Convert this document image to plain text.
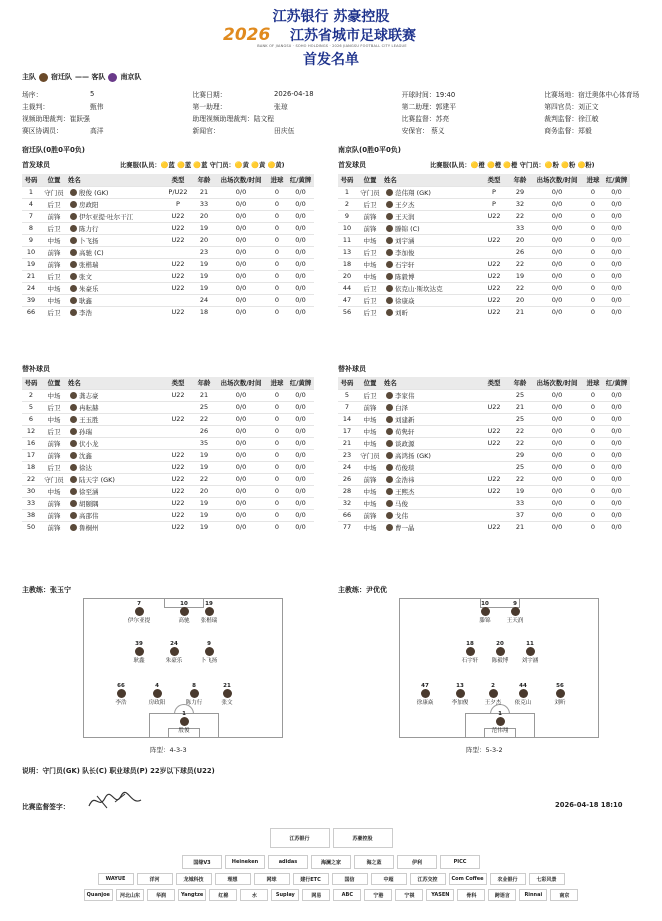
江苏银行 苏豪控股
2026 江苏省城市足球联赛
BANK OF JIANGSU · SOHO HOLDINGS · 2026 JIANGSU FOOTBALL CITY LEAGUE
首发名单
主队 宿迁队 —— 客队 南京队
场序：	5	比赛日期：	2026-04-18	开球时间：19:40	比赛场地：宿迁奥体中心体育场
主裁判：	甄伟	第一助理：	张琼	第二助理：郭建平	第四官员：刘正文
视频助理裁判：崔跃强		助理视频助理裁判：陆文程		比赛监督：苏亮	裁判监督：徐江敏
赛区协调员：	高洋	新闻官：	田庆伍	安保官： 蔡义	商务监督：郑毅
宿迁队(0胜0平0负)
首发球员	比赛服(队员：🟡蓝 🟡蓝 🟡蓝 守门员：🟡黄 🟡黄 🟡黄)
号码	位置	姓名	类型	年龄	出场次数/时间	进球	红/黄牌
1	守门员	殷俊 (GK)	P/U22	21	0/0	0	0/0
4	后卫	房政阳	P	33	0/0	0	0/0
7	前锋	伊尔亚提·吐尔干江	U22	20	0/0	0	0/0
8	后卫	陈力行	U22	19	0/0	0	0/0
9	中场	卜飞扬	U22	20	0/0	0	0/0
10	前锋	高驰 (C)		23	0/0	0	0/0
19	前锋	张楷瑞	U22	19	0/0	0	0/0
21	后卫	张文	U22	19	0/0	0	0/0
24	中场	朱豪乐	U22	19	0/0	0	0/0
39	中场	耿鑫		24	0/0	0	0/0
66	后卫	李浩	U22	18	0/0	0	0/0
替补球员
号码	位置	姓名	类型	年龄	出场次数/时间	进球	红/黄牌
2	中场	龚志豪	U22	21	0/0	0	0/0
5	后卫	冉耘赫		25	0/0	0	0/0
6	中场	王玉胜	U22	22	0/0	0	0/0
12	后卫	孙瑞		26	0/0	0	0/0
16	前锋	伏小龙		35	0/0	0	0/0
17	前锋	沈鑫	U22	19	0/0	0	0/0
18	后卫	徐达	U22	19	0/0	0	0/0
22	守门员	陆天宇 (GK)	U22	22	0/0	0	0/0
30	中场	徐至涵	U22	20	0/0	0	0/0
33	前锋	胡颐隅	U22	19	0/0	0	0/0
38	前锋	高邵伟	U22	19	0/0	0	0/0
50	前锋	鲁桐州	U22	19	0/0	0	0/0
南京队(0胜0平0负)
首发球员	比赛服(队员：🟡橙 🟡橙 🟡橙 守门员：🟡粉 🟡粉 🟡粉)
号码	位置	姓名	类型	年龄	出场次数/时间	进球	红/黄牌
1	守门员	范伟翔 (GK)	P	29	0/0	0	0/0
2	后卫	王夕杰	P	32	0/0	0	0/0
9	前锋	王天润	U22	22	0/0	0	0/0
10	前锋	滕锦 (C)		33	0/0	0	0/0
11	中场	刘宇涵	U22	20	0/0	0	0/0
13	后卫	李加俊		26	0/0	0	0/0
18	中场	石宇轩	U22	22	0/0	0	0/0
20	中场	陈毅博	U22	19	0/0	0	0/0
44	后卫	依克山·斯坎达克	U22	22	0/0	0	0/0
47	后卫	徐康焱	U22	20	0/0	0	0/0
56	后卫	刘昕	U22	21	0/0	0	0/0
替补球员
号码	位置	姓名	类型	年龄	出场次数/时间	进球	红/黄牌
5	后卫	李家伟		25	0/0	0	0/0
7	前锋	白泽	U22	21	0/0	0	0/0
14	中场	刘建新		25	0/0	0	0/0
17	中场	荀隽轩	U22	22	0/0	0	0/0
21	中场	谈政源	U22	22	0/0	0	0/0
23	守门员	高鸿扬 (GK)		29	0/0	0	0/0
24	中场	苟俊琰		25	0/0	0	0/0
26	前锋	金浩祎	U22	22	0/0	0	0/0
28	中场	王熙杰	U22	19	0/0	0	0/0
32	中场	马俊		33	0/0	0	0/0
66	前锋	戈伟		37	0/0	0	0/0
77	中场	曹一晶	U22	21	0/0	0	0/0
主教练：张玉宁	主教练：尹优优
7
伊尔亚提
10
高驰
19
张楷瑞
39
耿鑫
24
朱豪乐
9
卜飞扬
66
李浩
4
房政阳
8
陈力行
21
张文
1
殷俊
10
滕锦
9
王天润
18
石宇轩
20
陈毅博
11
刘宇涵
47
徐康焱
13
李加俊
2
王夕杰
44
依克山
56
刘昕
1
范伟翔
阵型：4-3-3	阵型：5-3-2
说明：守门员(GK) 队长(C) 职业球员(P) 22岁以下球员(U22)
比赛监督签字：	2026-04-18 18:10
江苏银行	苏豪控股
国缘V3	Heineken	adidas	海澜之家	海之蓝	伊利	PICC
WAYUE	洋河	龙城科技	理想	网球	建行ETC	国信	中超	江苏交控	Com Coffee	农业银行	七彩风景
Quanjoe	河北山东	华润	Yangtze	红棉	水	Suplay	网易	ABC	宁港	宁祺	YASEN	骨科	跨语言	Rinnai	南京
